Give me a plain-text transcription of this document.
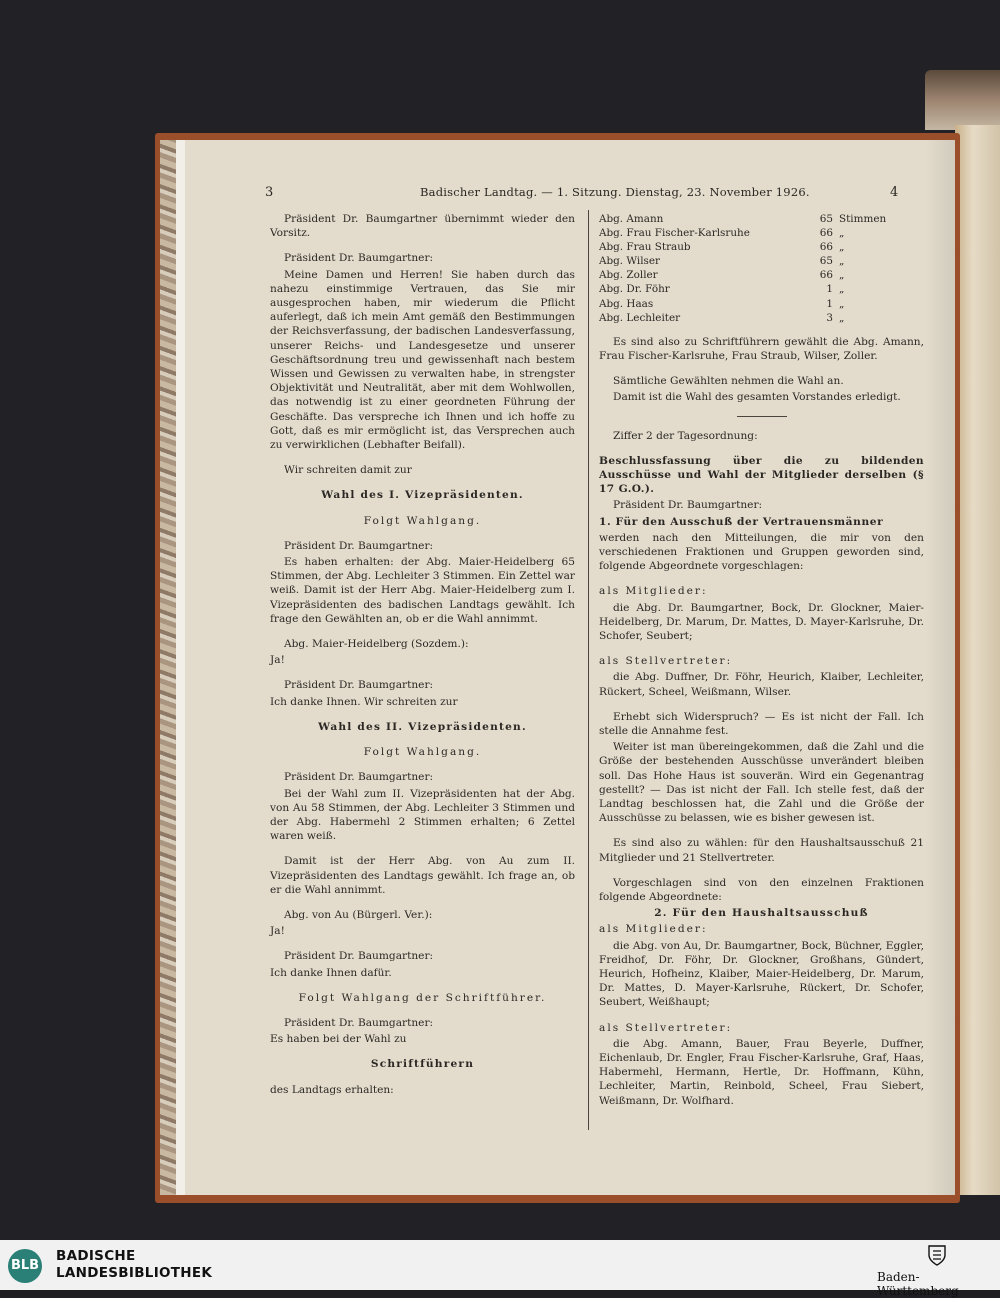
3	Badischer Landtag. — 1. Sitzung. Dienstag, 23. November 1926.	4

Präsident Dr. Baumgartner übernimmt wieder den Vorsitz.

Präsident Dr. Baumgartner:

Meine Damen und Herren! Sie haben durch das nahezu einstimmige Vertrauen, das Sie mir ausgesprochen haben, mir wiederum die Pflicht auferlegt, daß ich mein Amt gemäß den Bestimmungen der Reichsverfassung, der badischen Landesverfassung, unserer Reichs- und Landesgesetze und unserer Geschäftsordnung treu und gewissenhaft nach bestem Wissen und Gewissen zu verwalten habe, in strengster Objektivität und Neutralität, aber mit dem Wohlwollen, das notwendig ist zu einer geordneten Führung der Geschäfte. Das verspreche ich Ihnen und ich hoffe zu Gott, daß es mir ermöglicht ist, das Versprechen auch zu verwirklichen (Lebhafter Beifall).

Wir schreiten damit zur

Wahl des I. Vizepräsidenten.

Folgt Wahlgang.

Präsident Dr. Baumgartner:

Es haben erhalten: der Abg. Maier-Heidelberg 65 Stimmen, der Abg. Lechleiter 3 Stimmen. Ein Zettel war weiß. Damit ist der Herr Abg. Maier-Heidelberg zum I. Vizepräsidenten des badischen Landtags gewählt. Ich frage den Gewählten an, ob er die Wahl annimmt.

Abg. Maier-Heidelberg (Sozdem.):

Ja!

Präsident Dr. Baumgartner:

Ich danke Ihnen. Wir schreiten zur

Wahl des II. Vizepräsidenten.

Folgt Wahlgang.

Präsident Dr. Baumgartner:

Bei der Wahl zum II. Vizepräsidenten hat der Abg. von Au 58 Stimmen, der Abg. Lechleiter 3 Stimmen und der Abg. Habermehl 2 Stimmen erhalten; 6 Zettel waren weiß.

Damit ist der Herr Abg. von Au zum II. Vizepräsidenten des Landtags gewählt. Ich frage an, ob er die Wahl annimmt.

Abg. von Au (Bürgerl. Ver.):

Ja!

Präsident Dr. Baumgartner:

Ich danke Ihnen dafür.

Folgt Wahlgang der Schriftführer.

Präsident Dr. Baumgartner:

Es haben bei der Wahl zu

Schriftführern

des Landtags erhalten:

Abg. Amann	65	Stimmen
Abg. Frau Fischer-Karlsruhe	66	„
Abg. Frau Straub	66	„
Abg. Wilser	65	„
Abg. Zoller	66	„
Abg. Dr. Föhr	1	„
Abg. Haas	1	„
Abg. Lechleiter	3	„

Es sind also zu Schriftführern gewählt die Abg. Amann, Frau Fischer-Karlsruhe, Frau Straub, Wilser, Zoller.

Sämtliche Gewählten nehmen die Wahl an.

Damit ist die Wahl des gesamten Vorstandes erledigt.

Ziffer 2 der Tagesordnung:

Beschlussfassung über die zu bildenden Ausschüsse und Wahl der Mitglieder derselben (§ 17 G.O.).

Präsident Dr. Baumgartner:

1. Für den Ausschuß der Vertrauensmänner

werden nach den Mitteilungen, die mir von den verschiedenen Fraktionen und Gruppen geworden sind, folgende Abgeordnete vorgeschlagen:

als Mitglieder:

die Abg. Dr. Baumgartner, Bock, Dr. Glockner, Maier-Heidelberg, Dr. Marum, Dr. Mattes, D. Mayer-Karlsruhe, Dr. Schofer, Seubert;

als Stellvertreter:

die Abg. Duffner, Dr. Föhr, Heurich, Klaiber, Lechleiter, Rückert, Scheel, Weißmann, Wilser.

Erhebt sich Widerspruch? — Es ist nicht der Fall. Ich stelle die Annahme fest.

Weiter ist man übereingekommen, daß die Zahl und die Größe der bestehenden Ausschüsse unverändert bleiben soll. Das Hohe Haus ist souverän. Wird ein Gegenantrag gestellt? — Das ist nicht der Fall. Ich stelle fest, daß der Landtag beschlossen hat, die Zahl und die Größe der Ausschüsse zu belassen, wie es bisher gewesen ist.

Es sind also zu wählen: für den Haushaltsausschuß 21 Mitglieder und 21 Stellvertreter.

Vorgeschlagen sind von den einzelnen Fraktionen folgende Abgeordnete:

2. Für den Haushaltsausschuß

als Mitglieder:

die Abg. von Au, Dr. Baumgartner, Bock, Büchner, Eggler, Freidhof, Dr. Föhr, Dr. Glockner, Großhans, Gündert, Heurich, Hofheinz, Klaiber, Maier-Heidelberg, Dr. Marum, Dr. Mattes, D. Mayer-Karlsruhe, Rückert, Dr. Schofer, Seubert, Weißhaupt;

als Stellvertreter:

die Abg. Amann, Bauer, Frau Beyerle, Duffner, Eichenlaub, Dr. Engler, Frau Fischer-Karlsruhe, Graf, Haas, Habermehl, Hermann, Hertle, Dr. Hoffmann, Kühn, Lechleiter, Martin, Reinbold, Scheel, Frau Siebert, Weißmann, Dr. Wolfhard.

BLB
BADISCHE
LANDESBIBLIOTHEK	Baden-Württemberg
